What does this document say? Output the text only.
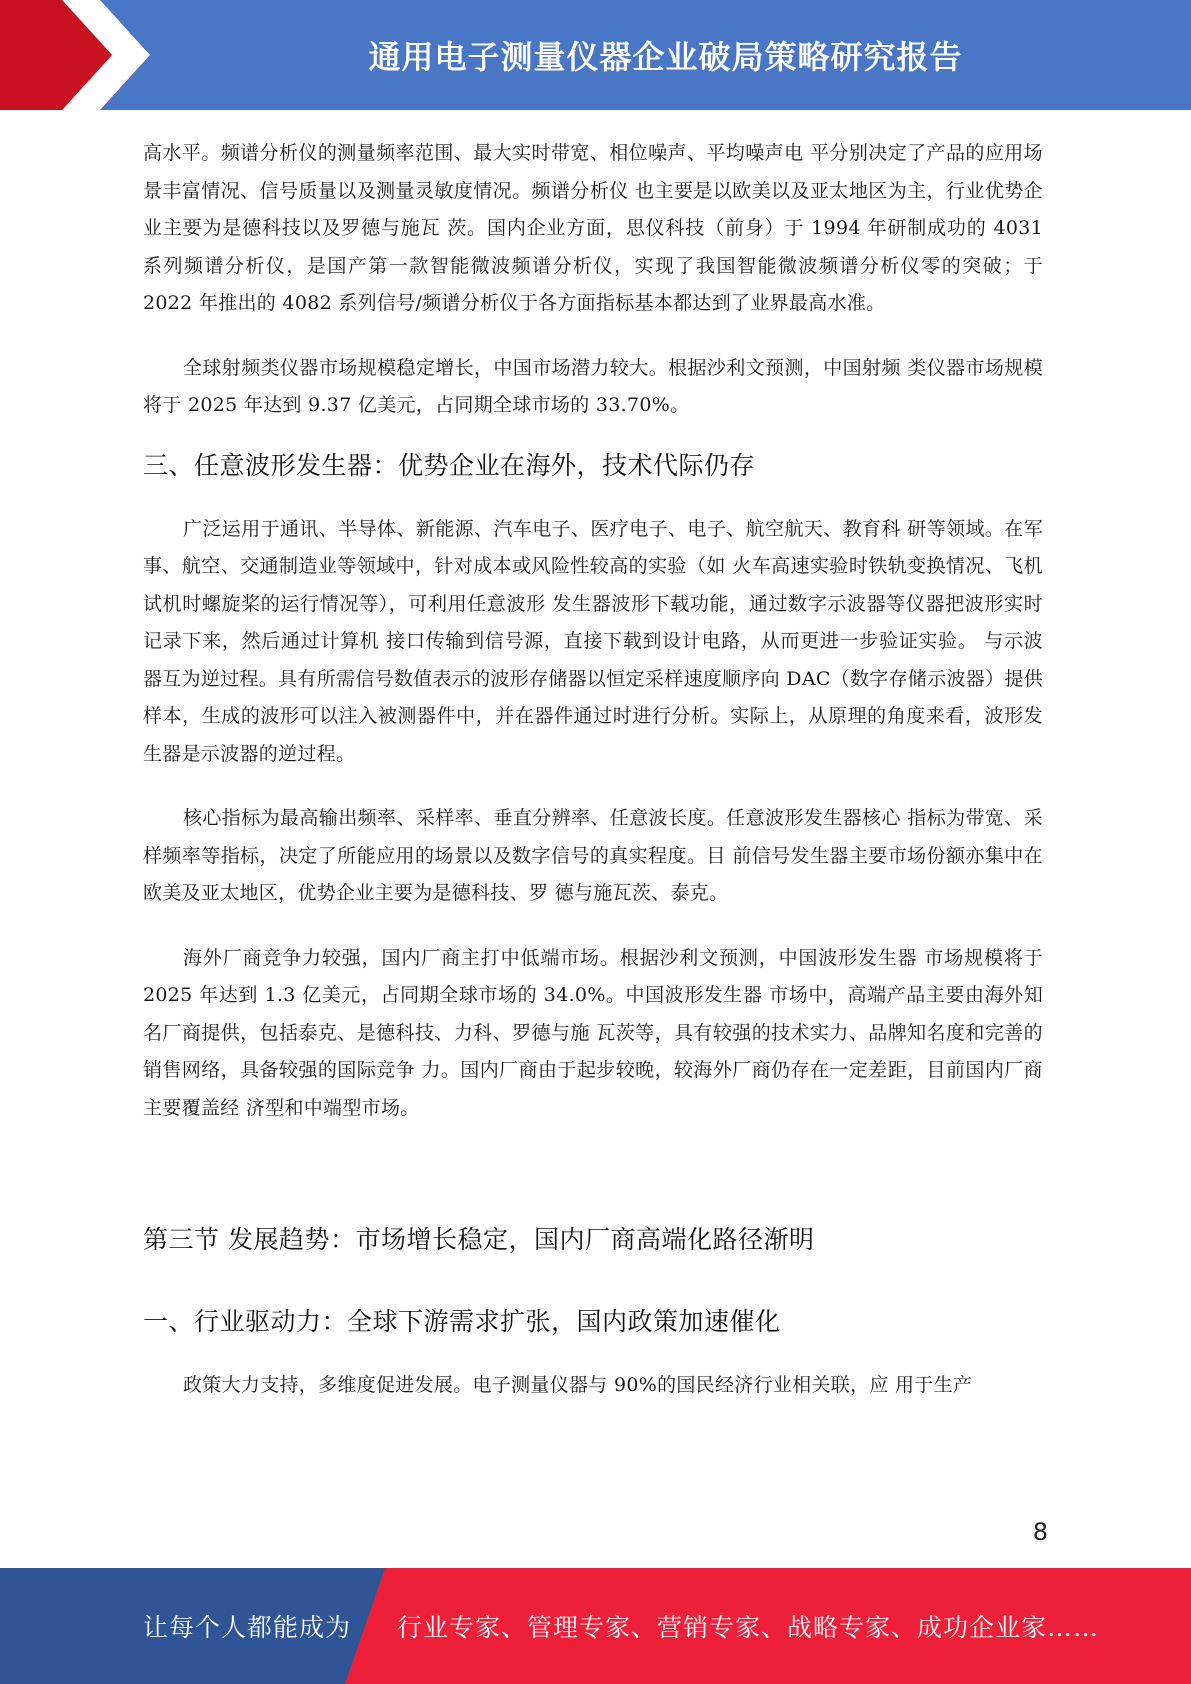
通用电子测量仪器企业破局策略研究报告

高水平。频谱分析仪的测量频率范围、最大实时带宽、相位噪声、平均噪声电 平分别决定了产品的应用场景丰富情况、信号质量以及测量灵敏度情况。频谱分析仪 也主要是以欧美以及亚太地区为主，行业优势企业主要为是德科技以及罗德与施瓦 茨。国内企业方面，思仪科技（前身）于 1994 年研制成功的 4031 系列频谱分析仪，是国产第一款智能微波频谱分析仪，实现了我国智能微波频谱分析仪零的突破；于 2022 年推出的 4082 系列信号/频谱分析仪于各方面指标基本都达到了业界最高水准。

全球射频类仪器市场规模稳定增长，中国市场潜力较大。根据沙利文预测，中国射频 类仪器市场规模将于 2025 年达到 9.37 亿美元，占同期全球市场的 33.70%。

三、任意波形发生器：优势企业在海外，技术代际仍存

广泛运用于通讯、半导体、新能源、汽车电子、医疗电子、电子、航空航天、教育科 研等领域。在军事、航空、交通制造业等领域中，针对成本或风险性较高的实验（如 火车高速实验时铁轨变换情况、飞机试机时螺旋桨的运行情况等），可利用任意波形 发生器波形下载功能，通过数字示波器等仪器把波形实时记录下来，然后通过计算机 接口传输到信号源，直接下载到设计电路，从而更进一步验证实验。 与示波器互为逆过程。具有所需信号数值表示的波形存储器以恒定采样速度顺序向 DAC（数字存储示波器）提供样本，生成的波形可以注入被测器件中，并在器件通过时进行分析。实际上，从原理的角度来看，波形发生器是示波器的逆过程。

核心指标为最高输出频率、采样率、垂直分辨率、任意波长度。任意波形发生器核心 指标为带宽、采样频率等指标，决定了所能应用的场景以及数字信号的真实程度。目 前信号发生器主要市场份额亦集中在欧美及亚太地区，优势企业主要为是德科技、罗 德与施瓦茨、泰克。

海外厂商竞争力较强，国内厂商主打中低端市场。根据沙利文预测，中国波形发生器 市场规模将于 2025 年达到 1.3 亿美元，占同期全球市场的 34.0%。中国波形发生器 市场中，高端产品主要由海外知名厂商提供，包括泰克、是德科技、力科、罗德与施 瓦茨等，具有较强的技术实力、品牌知名度和完善的销售网络，具备较强的国际竞争 力。国内厂商由于起步较晚，较海外厂商仍存在一定差距，目前国内厂商主要覆盖经 济型和中端型市场。

第三节 发展趋势：市场增长稳定，国内厂商高端化路径渐明
一、行业驱动力：全球下游需求扩张，国内政策加速催化

政策大力支持，多维度促进发展。电子测量仪器与 90%的国民经济行业相关联，应 用于生产

8
让每个人都能成为 行业专家、管理专家、营销专家、战略专家、成功企业家……
